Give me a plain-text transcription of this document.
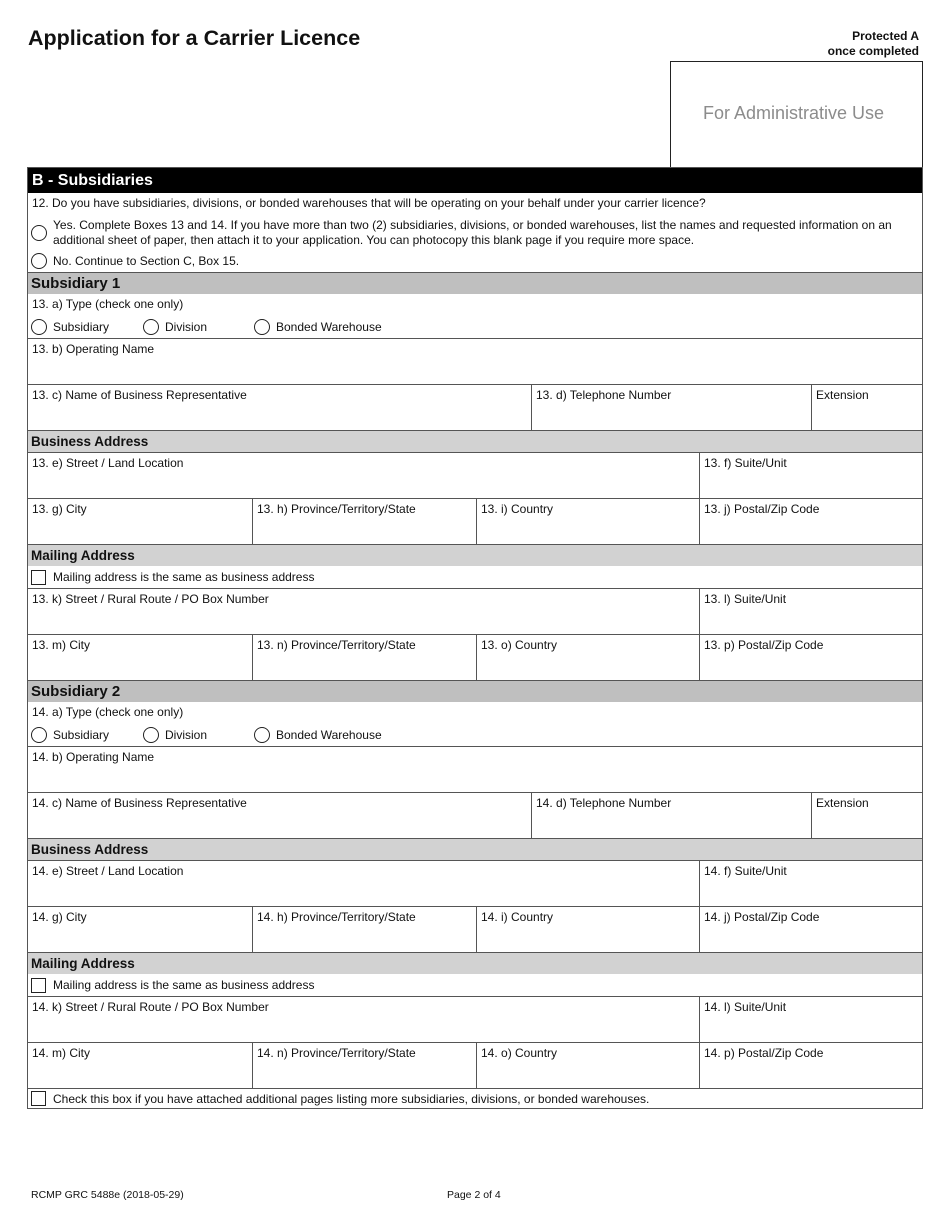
Application for a Carrier Licence	Protected A
once completed
For Administrative Use
B - Subsidiaries
12. Do you have subsidiaries, divisions, or bonded warehouses that will be operating on your behalf under your carrier licence?
Yes. Complete Boxes 13 and 14. If you have more than two (2) subsidiaries, divisions, or bonded warehouses, list the names and requested information on an additional sheet of paper, then attach it to your application. You can photocopy this blank page if you require more space.
No. Continue to Section C, Box 15.
Subsidiary 1
13. a) Type (check one only)
Subsidiary	Division	Bonded Warehouse
13. b) Operating Name
13. c) Name of Business Representative	13. d) Telephone Number	Extension
Business Address
13. e) Street / Land Location	13. f) Suite/Unit
13. g) City	13. h) Province/Territory/State	13. i) Country	13. j) Postal/Zip Code
Mailing Address
Mailing address is the same as business address
13. k) Street / Rural Route / PO Box Number	13. l) Suite/Unit
13. m) City	13. n) Province/Territory/State	13. o) Country	13. p) Postal/Zip Code
Subsidiary 2
14. a) Type (check one only)
Subsidiary	Division	Bonded Warehouse
14. b) Operating Name
14. c) Name of Business Representative	14. d) Telephone Number	Extension
Business Address
14. e) Street / Land Location	14. f) Suite/Unit
14. g) City	14. h) Province/Territory/State	14. i) Country	14. j) Postal/Zip Code
Mailing Address
Mailing address is the same as business address
14. k) Street / Rural Route / PO Box Number	14. l) Suite/Unit
14. m) City	14. n) Province/Territory/State	14. o) Country	14. p) Postal/Zip Code
Check this box if you have attached additional pages listing more subsidiaries, divisions, or bonded warehouses.
RCMP GRC 5488e (2018-05-29)	Page 2 of 4
